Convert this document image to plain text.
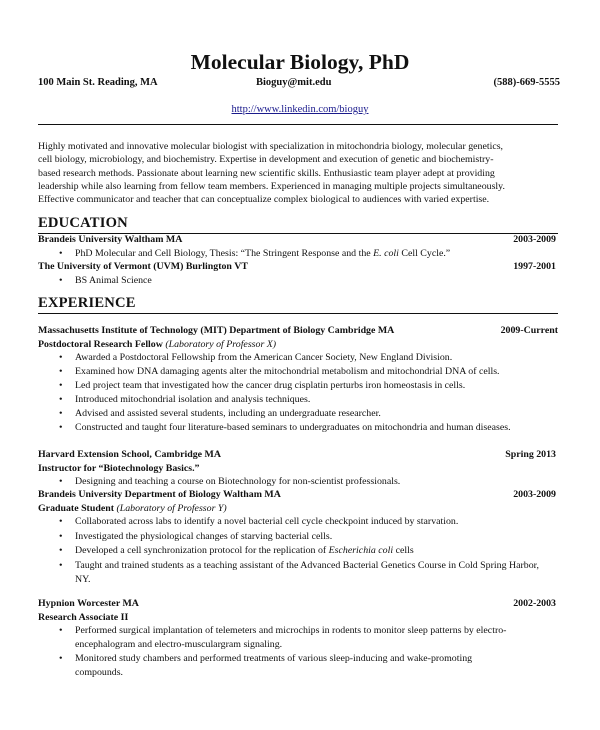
Molecular Biology, PhD
100 Main St. Reading, MA	Bioguy@mit.edu	(588)-669-5555
http://www.linkedin.com/bioguy
Highly motivated and innovative molecular biologist with specialization in mitochondria biology, molecular genetics,
cell biology, microbiology, and biochemistry. Expertise in development and execution of genetic and biochemistry-
based research methods. Passionate about learning new scientific skills. Enthusiastic team player adept at providing
leadership while also learning from fellow team members. Experienced in managing multiple projects simultaneously.
Effective communicator and teacher that can conceptualize complex biological to audiences with varied expertise.
EDUCATION
Brandeis University Waltham MA	2003-2009
• PhD Molecular and Cell Biology, Thesis: “The Stringent Response and the E. coli Cell Cycle.”
The University of Vermont (UVM) Burlington VT	1997-2001
• BS Animal Science
EXPERIENCE
Massachusetts Institute of Technology (MIT) Department of Biology Cambridge MA	2009-Current
Postdoctoral Research Fellow (Laboratory of Professor X)
• Awarded a Postdoctoral Fellowship from the American Cancer Society, New England Division.
• Examined how DNA damaging agents alter the mitochondrial metabolism and mitochondrial DNA of cells.
• Led project team that investigated how the cancer drug cisplatin perturbs iron homeostasis in cells.
• Introduced mitochondrial isolation and analysis techniques.
• Advised and assisted several students, including an undergraduate researcher.
• Constructed and taught four literature-based seminars to undergraduates on mitochondria and human diseases.
Harvard Extension School, Cambridge MA	Spring 2013
Instructor for “Biotechnology Basics.”
• Designing and teaching a course on Biotechnology for non-scientist professionals.
Brandeis University Department of Biology Waltham MA	2003-2009
Graduate Student (Laboratory of Professor Y)
• Collaborated across labs to identify a novel bacterial cell cycle checkpoint induced by starvation.
• Investigated the physiological changes of starving bacterial cells.
• Developed a cell synchronization protocol for the replication of Escherichia coli cells
• Taught and trained students as a teaching assistant of the Advanced Bacterial Genetics Course in Cold Spring Harbor, NY.
Hypnion Worcester MA	2002-2003
Research Associate II
• Performed surgical implantation of telemeters and microchips in rodents to monitor sleep patterns by electro-encephalogram and electro-musculargram signaling.
• Monitored study chambers and performed treatments of various sleep-inducing and wake-promoting compounds.
